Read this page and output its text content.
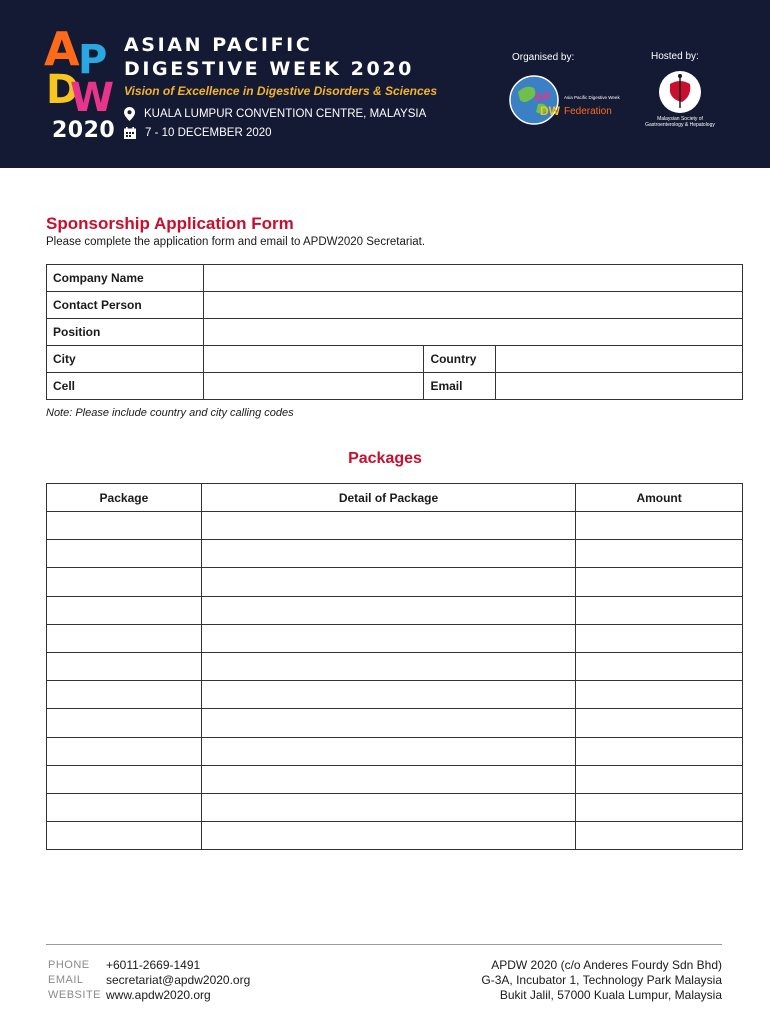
A
P
D
W
2020
ASIAN PACIFIC
DIGESTIVE WEEK 2020
Vision of Excellence in Digestive Disorders & Sciences
KUALA LUMPUR CONVENTION CENTRE, MALAYSIA
7 - 10 DECEMBER 2020
Organised by:	Hosted by:
AP
DW
Asia Pacific Digestive Week
Federation
Malaysian Society of
Gastroenterology & Hepatology
Sponsorship Application Form
Please complete the application form and email to APDW2020 Secretariat.
Company Name			
Contact Person			
Position			
City		Country	
Cell		Email	
Note: Please include country and city calling codes
Packages
Package	Detail of Package	Amount

PHONE	+6011-2669-1491
EMAIL	secretariat@apdw2020.org
WEBSITE www.apdw2020.org
APDW 2020 (c/o Anderes Fourdy Sdn Bhd)
G-3A, Incubator 1, Technology Park Malaysia
Bukit Jalil, 57000 Kuala Lumpur, Malaysia
